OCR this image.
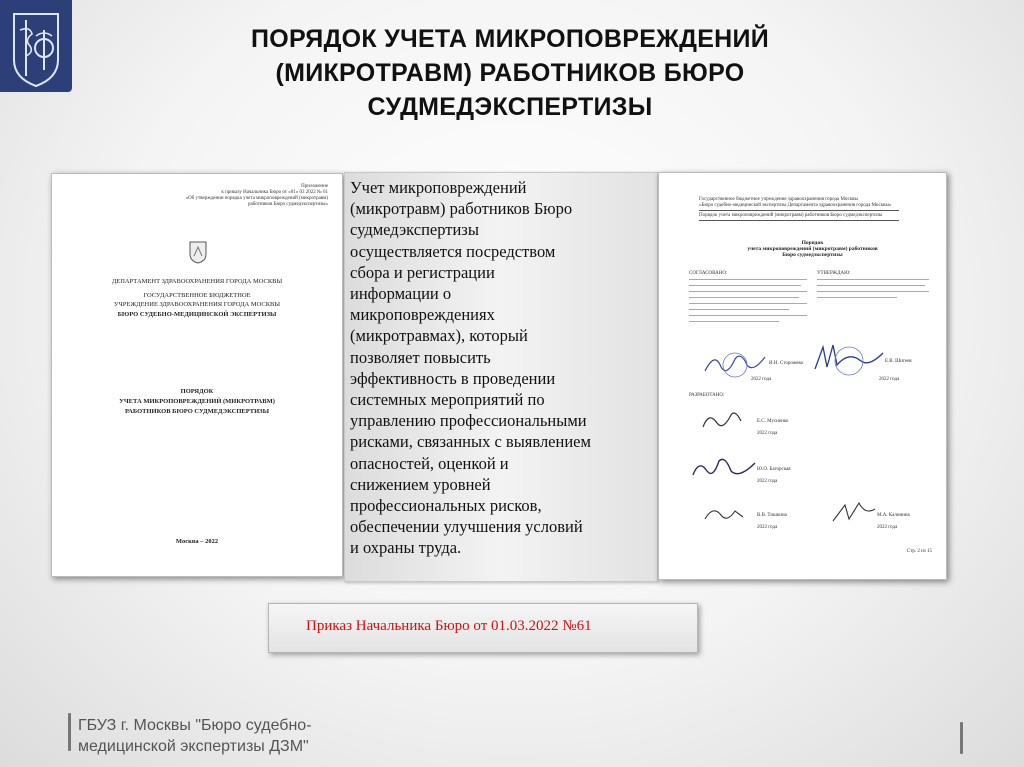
ПОРЯДОК УЧЕТА МИКРОПОВРЕЖДЕНИЙ
(МИКРОТРАВМ) РАБОТНИКОВ БЮРО
СУДМЕДЭКСПЕРТИЗЫ
Приложение
к приказу Начальника Бюро от «01» 03 2022 № 61
«Об утверждении порядка учета микроповреждений (микротравм)
работников Бюро судмедэкспертизы»
ДЕПАРТАМЕНТ ЗДРАВООХРАНЕНИЯ ГОРОДА МОСКВЫ
ГОСУДАРСТВЕННОЕ БЮДЖЕТНОЕ
УЧРЕЖДЕНИЕ ЗДРАВООХРАНЕНИЯ ГОРОДА МОСКВЫ
БЮРО СУДЕБНО-МЕДИЦИНСКОЙ ЭКСПЕРТИЗЫ
ПОРЯДОК
УЧЕТА МИКРОПОВРЕЖДЕНИЙ (МИКРОТРАВМ)
РАБОТНИКОВ БЮРО СУДМЕДЭКСПЕРТИЗЫ
Москва – 2022
Учет микроповреждений
(микротравм) работников Бюро
судмедэкспертизы
осуществляется посредством
сбора и регистрации
информации о
микроповреждениях
(микротравмах), который
позволяет повысить
эффективность в проведении
системных мероприятий по
управлению профессиональными
рисками, связанных с выявлением
опасностей, оценкой и
снижением уровней
профессиональных рисков,
обеспечении улучшения условий
и охраны труда.
Государственное бюджетное учреждение здравоохранения города Москвы
«Бюро судебно-медицинской экспертизы Департамента здравоохранения города Москвы»
Порядок учета микроповреждений (микротравм) работников Бюро судмедэкспертизы
Порядок
учета микроповреждений (микротравм) работников
Бюро судмедэкспертизы
СОГЛАСОВАНО:	УТВЕРЖДАЮ:
И.Н. Сторожева	Е.В. Шигеев
2022 года	2022 года
РАЗРАБОТАНО:
Е.С. Мусиенко
2022 года
Ю.О. Багорская
2022 года
В.В. Тишкина
2022 года
М.А. Калинина
2022 года
Стр. 2 из 15
Приказ Начальника Бюро от 01.03.2022 №61
ГБУЗ г. Москвы "Бюро судебно-
медицинской экспертизы ДЗМ"
